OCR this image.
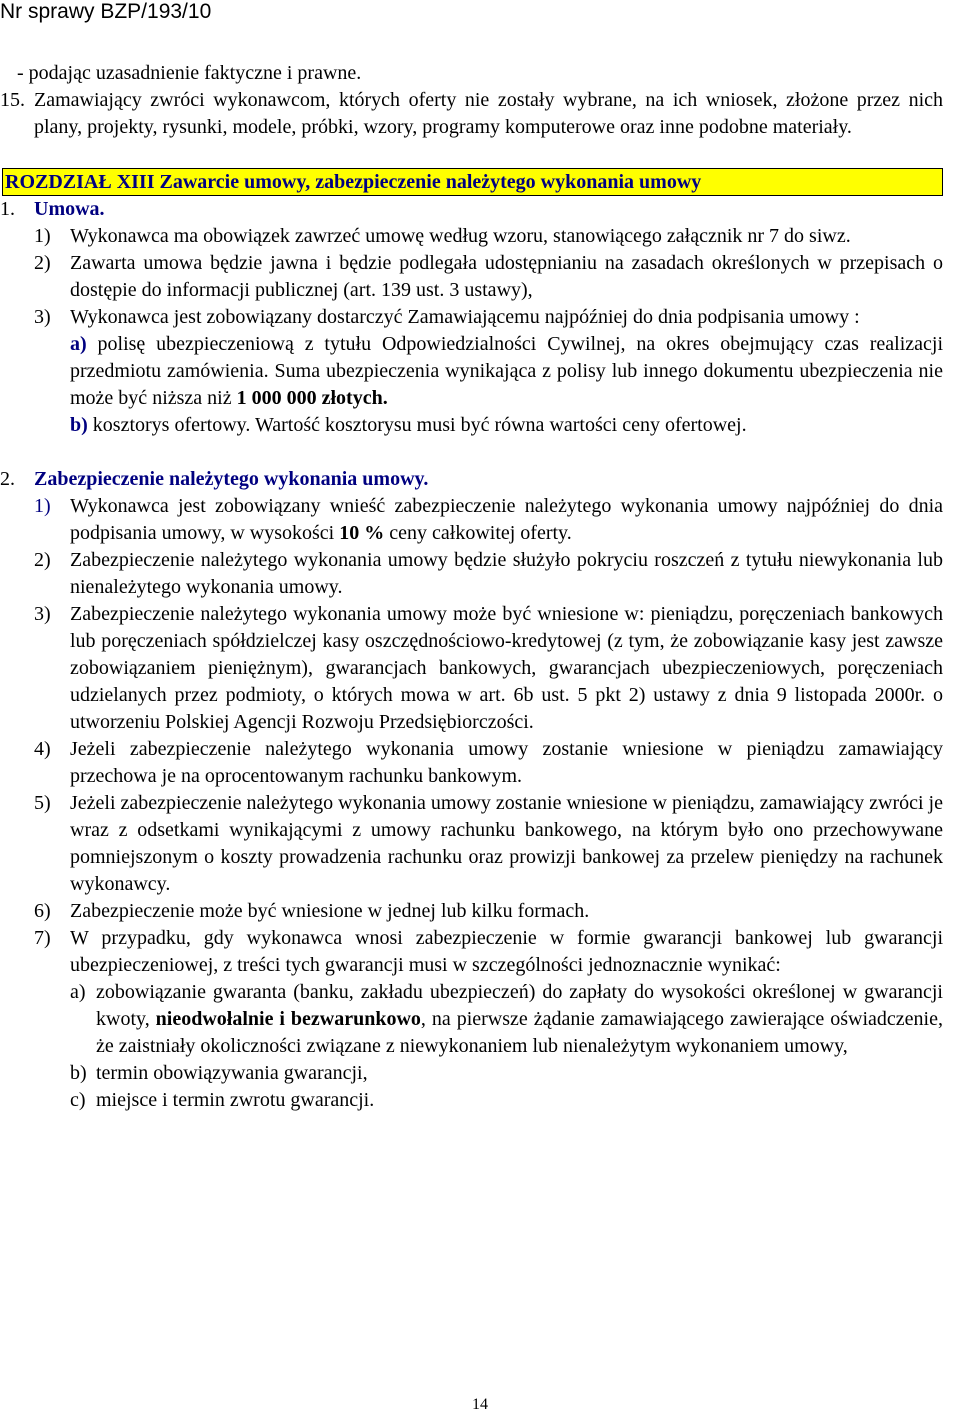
Nr sprawy BZP/193/10

- podając uzasadnienie faktyczne i prawne.

15. Zamawiający zwróci wykonawcom, których oferty nie zostały wybrane, na ich wniosek, złożone przez nich plany, projekty, rysunki, modele, próbki, wzory, programy komputerowe oraz inne podobne materiały.
ROZDZIAŁ XIII Zawarcie umowy, zabezpieczenie należytego wykonania umowy
1. Umowa.
1) Wykonawca ma obowiązek zawrzeć umowę według wzoru, stanowiącego załącznik nr 7 do siwz.
2) Zawarta umowa będzie jawna i będzie podlegała udostępnianiu na zasadach określonych w przepisach o dostępie do informacji publicznej (art. 139 ust. 3 ustawy),
3) Wykonawca jest zobowiązany dostarczyć Zamawiającemu najpóźniej do dnia podpisania umowy :

a) polisę ubezpieczeniową z tytułu Odpowiedzialności Cywilnej, na okres obejmujący czas realizacji przedmiotu zamówienia. Suma ubezpieczenia wynikająca z polisy lub innego dokumentu ubezpieczenia nie może być niższa niż 1 000 000 złotych.

b) kosztorys ofertowy. Wartość kosztorysu musi być równa wartości ceny ofertowej.

2. Zabezpieczenie należytego wykonania umowy.
1) Wykonawca jest zobowiązany wnieść zabezpieczenie należytego wykonania umowy najpóźniej do dnia podpisania umowy, w wysokości 10 % ceny całkowitej oferty.
2) Zabezpieczenie należytego wykonania umowy będzie służyło pokryciu roszczeń z tytułu niewykonania lub nienależytego wykonania umowy.
3) Zabezpieczenie należytego wykonania umowy może być wniesione w: pieniądzu, poręczeniach bankowych lub poręczeniach spółdzielczej kasy oszczędnościowo-kredytowej (z tym, że zobowiązanie kasy jest zawsze zobowiązaniem pieniężnym), gwarancjach bankowych, gwarancjach ubezpieczeniowych, poręczeniach udzielanych przez podmioty, o których mowa w art. 6b ust. 5 pkt 2) ustawy z dnia 9 listopada 2000r. o utworzeniu Polskiej Agencji Rozwoju Przedsiębiorczości.
4) Jeżeli zabezpieczenie należytego wykonania umowy zostanie wniesione w pieniądzu zamawiający przechowa je na oprocentowanym rachunku bankowym.
5) Jeżeli zabezpieczenie należytego wykonania umowy zostanie wniesione w pieniądzu, zamawiający zwróci je wraz z odsetkami wynikającymi z umowy rachunku bankowego, na którym było ono przechowywane pomniejszonym o koszty prowadzenia rachunku oraz prowizji bankowej za przelew pieniędzy na rachunek wykonawcy.
6) Zabezpieczenie może być wniesione w jednej lub kilku formach.
7) W przypadku, gdy wykonawca wnosi zabezpieczenie w formie gwarancji bankowej lub gwarancji ubezpieczeniowej, z treści tych gwarancji musi w szczególności jednoznacznie wynikać:
a) zobowiązanie gwaranta (banku, zakładu ubezpieczeń) do zapłaty do wysokości określonej w gwarancji kwoty, nieodwołalnie i bezwarunkowo, na pierwsze żądanie zamawiającego zawierające oświadczenie, że zaistniały okoliczności związane z niewykonaniem lub nienależytym wykonaniem umowy,
b) termin obowiązywania gwarancji,
c) miejsce i termin zwrotu gwarancji.
14
